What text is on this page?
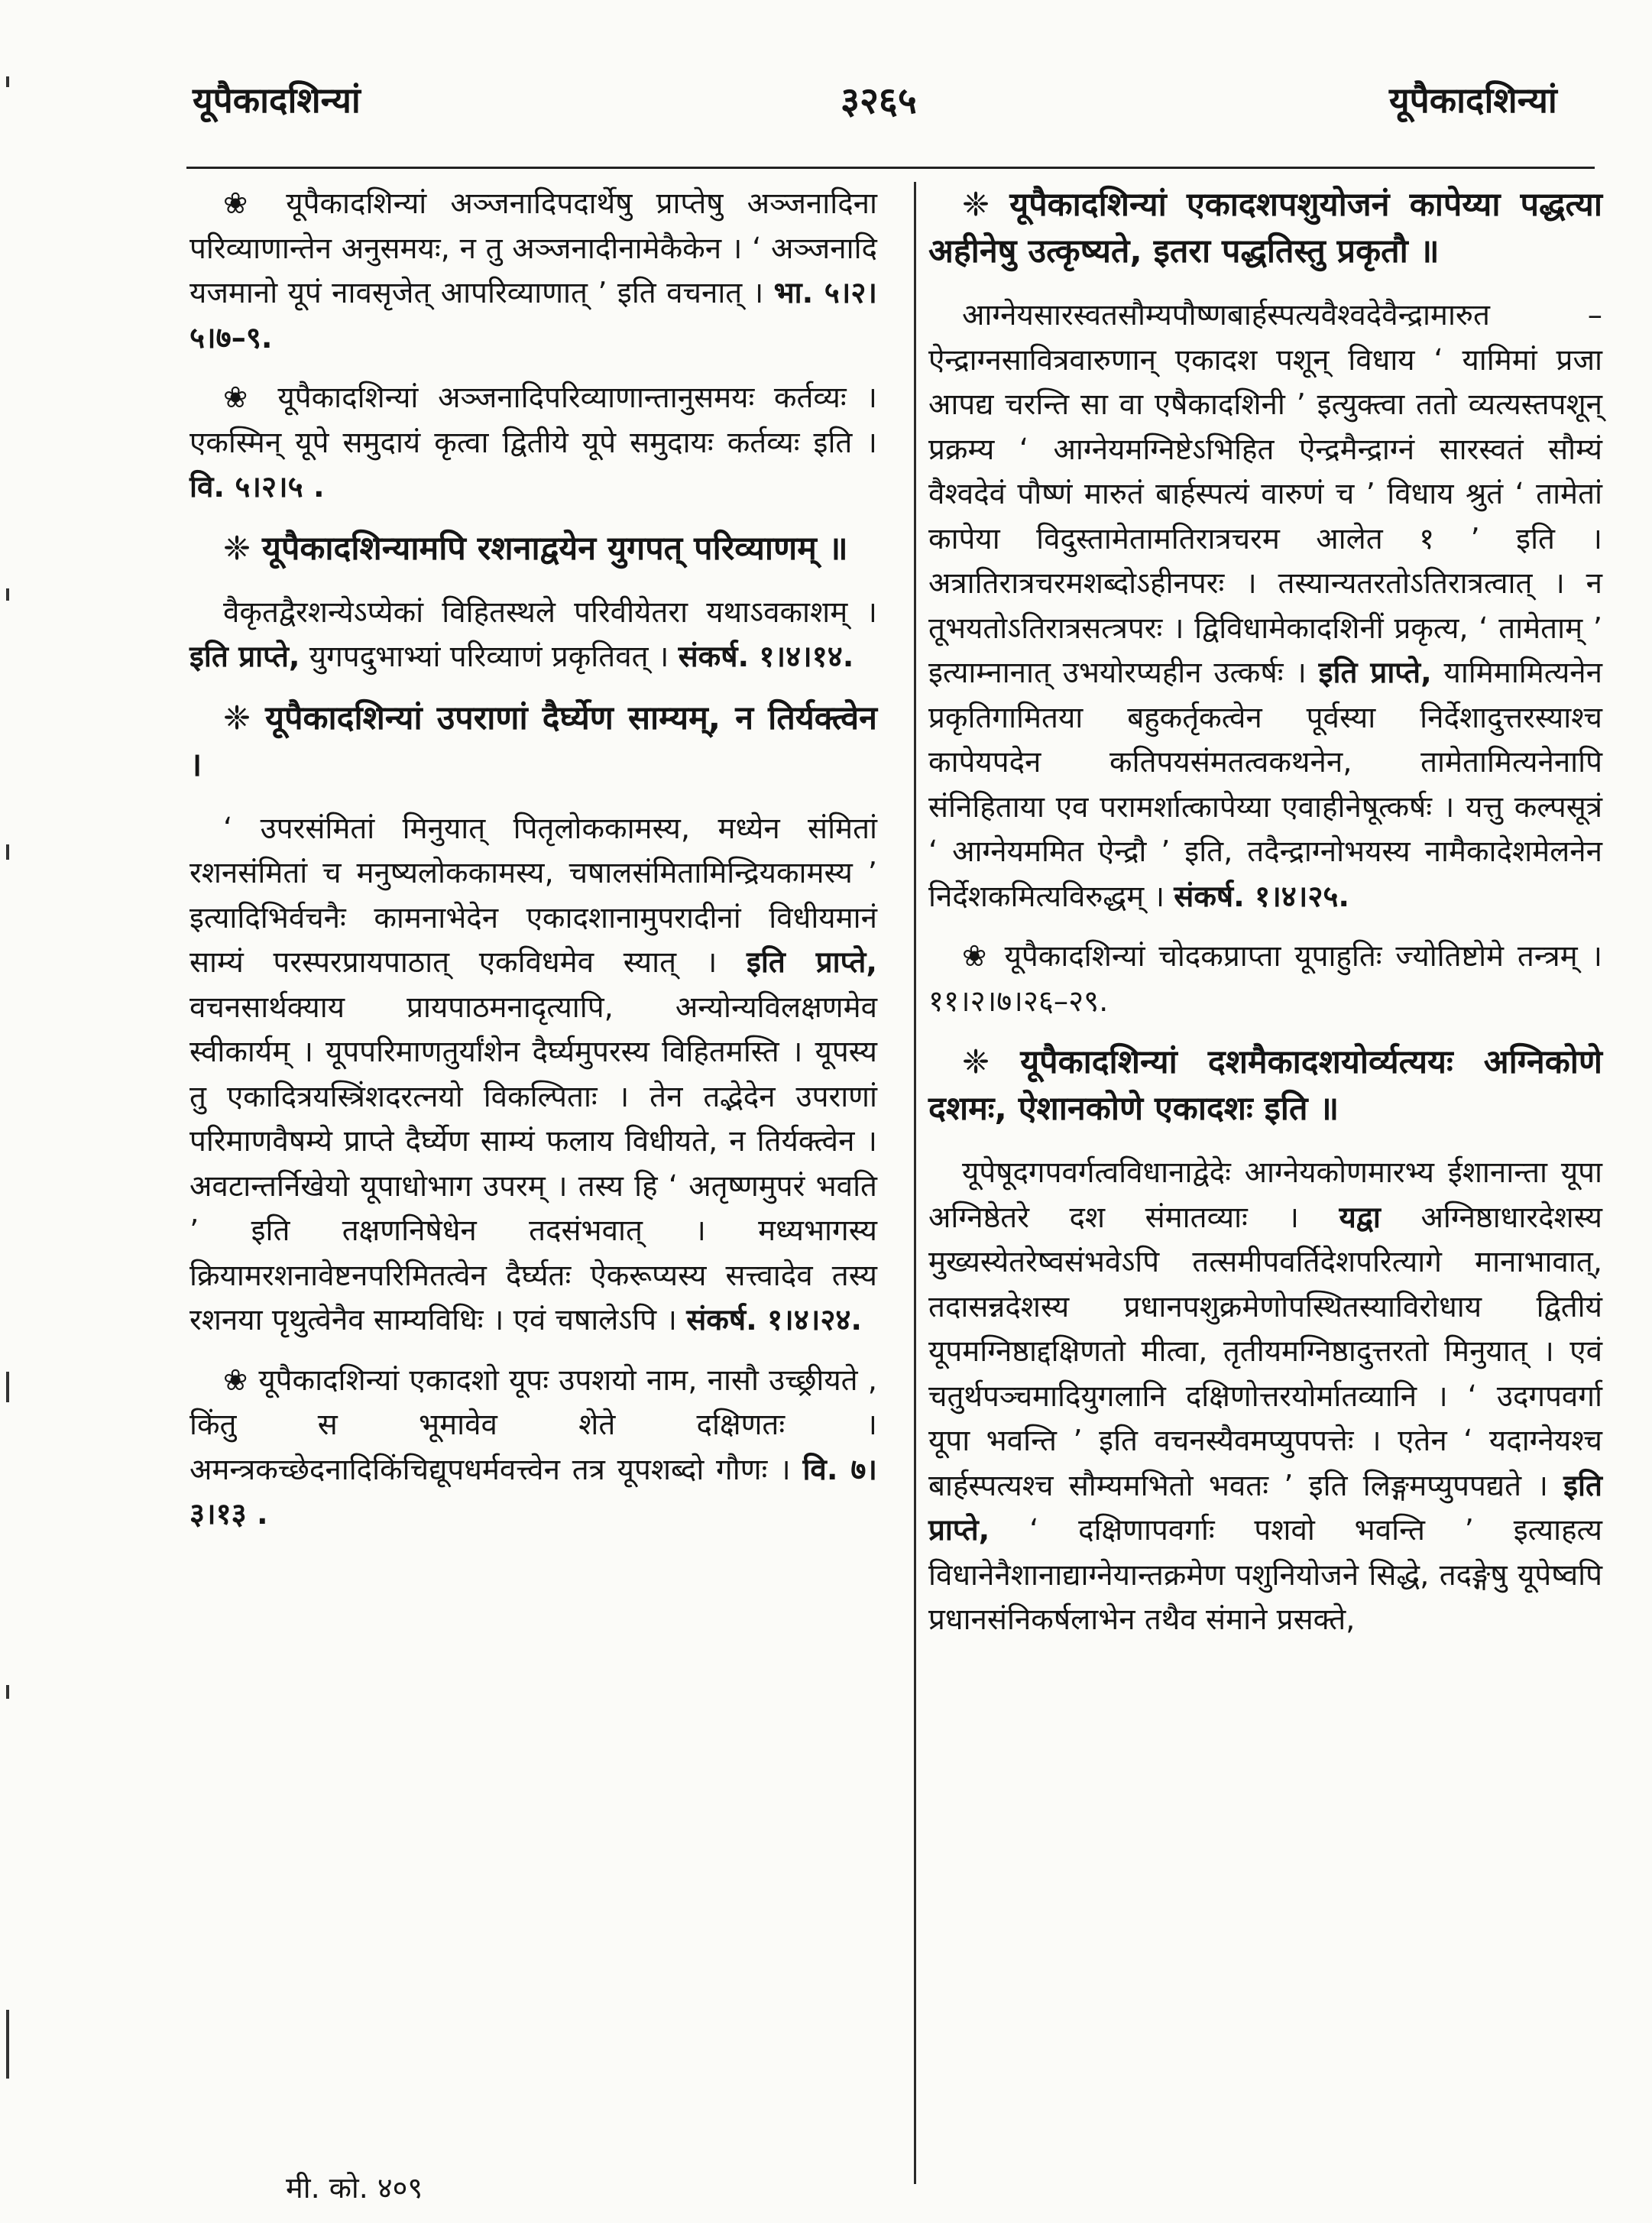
यूपैकादशिन्यां	३२६५	यूपैकादशिन्यां

❀ यूपैकादशिन्यां अञ्जनादिपदार्थेषु प्राप्तेषु अञ्जनादिना परिव्याणान्तेन अनुसमयः, न तु अञ्जनादीनामेकैकेन । ‘ अञ्जनादि यजमानो यूपं नावसृजेत् आपरिव्याणात् ’ इति वचनात् । भा. ५।२।५।७–९.

❀ यूपैकादशिन्यां अञ्जनादिपरिव्याणान्तानुसमयः कर्तव्यः । एकस्मिन् यूपे समुदायं कृत्वा द्वितीये यूपे समुदायः कर्तव्यः इति । वि. ५।२।५ .

❈ यूपैकादशिन्यामपि रशनाद्वयेन युगपत् परिव्याणम् ॥

वैकृतद्वैरशन्येऽप्येकां विहितस्थले परिवीयेतरा यथाऽवकाशम् । इति प्राप्ते, युगपदुभाभ्यां परिव्याणं प्रकृतिवत् । संकर्ष. १।४।१४.

❈ यूपैकादशिन्यां उपराणां दैर्घ्येण साम्यम्, न तिर्यक्त्वेन ।

‘ उपरसंमितां मिनुयात् पितृलोककामस्य, मध्येन संमितां रशनसंमितां च मनुष्यलोककामस्य, चषालसंमितामिन्द्रियकामस्य ’ इत्यादिभिर्वचनैः कामनाभेदेन एकादशानामुपरादीनां विधीयमानं साम्यं परस्परप्रायपाठात् एकविधमेव स्यात् । इति प्राप्ते, वचनसार्थक्याय प्रायपाठमनादृत्यापि, अन्योन्यविलक्षणमेव स्वीकार्यम् । यूपपरिमाणतुर्यांशेन दैर्घ्यमुपरस्य विहितमस्ति । यूपस्य तु एकादित्रयस्त्रिंशदरत्नयो विकल्पिताः । तेन तद्भेदेन उपराणां परिमाणवैषम्ये प्राप्ते दैर्घ्येण साम्यं फलाय विधीयते, न तिर्यक्त्वेन । अवटान्तर्निखेयो यूपाधोभाग उपरम् । तस्य हि ‘ अतृष्णमुपरं भवति ’ इति तक्षणनिषेधेन तदसंभवात् । मध्यभागस्य क्रियामरशनावेष्टनपरिमितत्वेन दैर्घ्यतः ऐकरूप्यस्य सत्त्वादेव तस्य रशनया पृथुत्वेनैव साम्यविधिः । एवं चषालेऽपि । संकर्ष. १।४।२४.

❀ यूपैकादशिन्यां एकादशो यूपः उपशयो नाम, नासौ उच्छ्रीयते , किंतु स भूमावेव शेते दक्षिणतः । अमन्त्रकच्छेदनादिकिंचिद्यूपधर्मवत्त्वेन तत्र यूपशब्दो गौणः । वि. ७।३।१३ .

❈ यूपैकादशिन्यां एकादशपशुयोजनं कापेय्या पद्धत्या अहीनेषु उत्कृष्यते, इतरा पद्धतिस्तु प्रकृतौ ॥

आग्नेयसारस्वतसौम्यपौष्णबार्हस्पत्यवैश्वदेवैन्द्रामारुत – ऐन्द्राग्नसावित्रवारुणान् एकादश पशून् विधाय ‘ यामिमां प्रजा आपद्य चरन्ति सा वा एषैकादशिनी ’ इत्युक्त्वा ततो व्यत्यस्तपशून् प्रक्रम्य ‘ आग्नेयमग्निष्टेऽभिहित ऐन्द्रमैन्द्राग्नं सारस्वतं सौम्यं वैश्वदेवं पौष्णं मारुतं बार्हस्पत्यं वारुणं च ’ विधाय श्रुतं ‘ तामेतां कापेया विदुस्तामेतामतिरात्रचरम आलेत १ ’ इति । अत्रातिरात्रचरमशब्दोऽहीनपरः । तस्यान्यतरतोऽतिरात्रत्वात् । न तूभयतोऽतिरात्रसत्त्रपरः । द्विविधामेकादशिनीं प्रकृत्य, ‘ तामेताम् ’ इत्याम्नानात् उभयोरप्यहीन उत्कर्षः । इति प्राप्ते, यामिमामित्यनेन प्रकृतिगामितया बहुकर्तृकत्वेन पूर्वस्या निर्देशादुत्तरस्याश्च कापेयपदेन कतिपयसंमतत्वकथनेन, तामेतामित्यनेनापि संनिहिताया एव परामर्शात्कापेय्या एवाहीनेषूत्कर्षः । यत्तु कल्पसूत्रं ‘ आग्नेयममित ऐन्द्रौ ’ इति, तदैन्द्राग्नोभयस्य नामैकादेशमेलनेन निर्देशकमित्यविरुद्धम् । संकर्ष. १।४।२५.

❀ यूपैकादशिन्यां चोदकप्राप्ता यूपाहुतिः ज्योतिष्टोमे तन्त्रम् । ११।२।७।२६–२९.

❈ यूपैकादशिन्यां दशमैकादशयोर्व्यत्ययः अग्निकोणे दशमः, ऐशानकोणे एकादशः इति ॥

यूपेषूदगपवर्गत्वविधानाद्वेदेः आग्नेयकोणमारभ्य ईशानान्ता यूपा अग्निष्ठेतरे दश संमातव्याः । यद्वा अग्निष्ठाधारदेशस्य मुख्यस्येतरेष्वसंभवेऽपि तत्समीपवर्तिदेशपरित्यागे मानाभावात्, तदासन्नदेशस्य प्रधानपशुक्रमेणोपस्थितस्याविरोधाय द्वितीयं यूपमग्निष्ठाद्दक्षिणतो मीत्वा, तृतीयमग्निष्ठादुत्तरतो मिनुयात् । एवं चतुर्थपञ्चमादियुगलानि दक्षिणोत्तरयोर्मातव्यानि । ‘ उदगपवर्गा यूपा भवन्ति ’ इति वचनस्यैवमप्युपपत्तेः । एतेन ‘ यदाग्नेयश्च बार्हस्पत्यश्च सौम्यमभितो भवतः ’ इति लिङ्गमप्युपपद्यते । इति प्राप्ते, ‘ दक्षिणापवर्गाः पशवो भवन्ति ’ इत्याहत्य विधानेनैशानाद्याग्नेयान्तक्रमेण पशुनियोजने सिद्धे, तदङ्गेषु यूपेष्वपि प्रधानसंनिकर्षलाभेन तथैव संमाने प्रसक्ते,

मी. को. ४०९
